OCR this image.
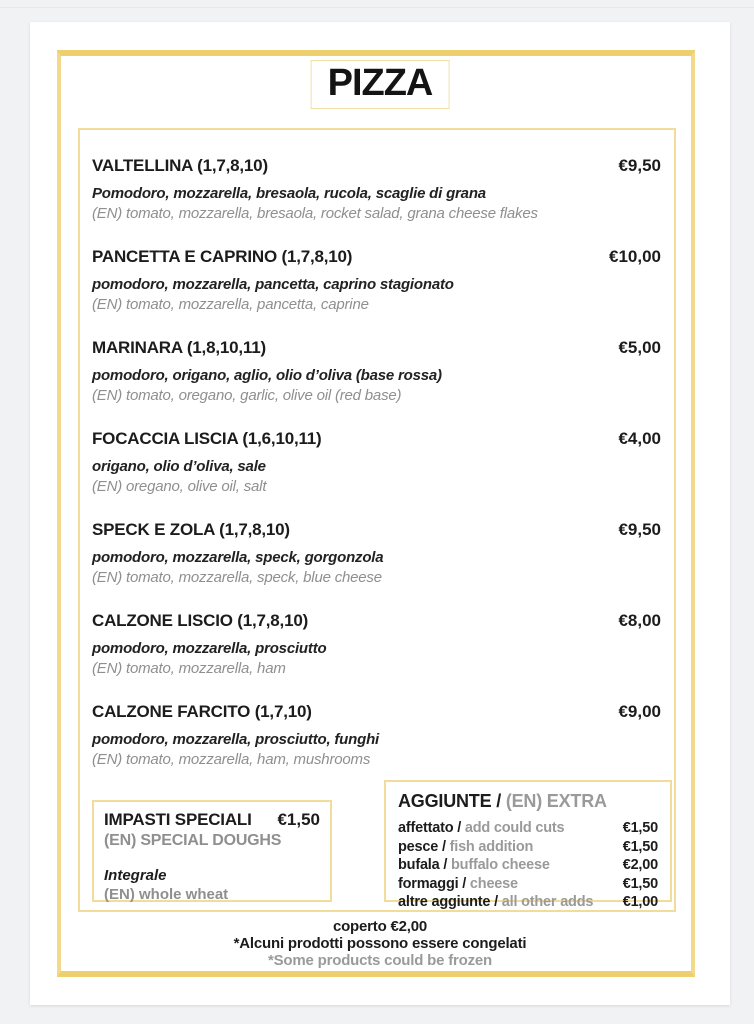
PIZZA
VALTELLINA (1,7,8,10)	€9,50
Pomodoro, mozzarella, bresaola, rucola, scaglie di grana
(EN) tomato, mozzarella, bresaola, rocket salad, grana cheese flakes
PANCETTA E CAPRINO (1,7,8,10)	€10,00
pomodoro, mozzarella, pancetta, caprino stagionato
(EN) tomato, mozzarella, pancetta, caprine
MARINARA (1,8,10,11)	€5,00
pomodoro, origano, aglio, olio d’oliva (base rossa)
(EN) tomato, oregano, garlic, olive oil (red base)
FOCACCIA LISCIA (1,6,10,11)	€4,00
origano, olio d’oliva, sale
(EN) oregano, olive oil, salt
SPECK E ZOLA (1,7,8,10)	€9,50
pomodoro, mozzarella, speck, gorgonzola
(EN) tomato, mozzarella, speck, blue cheese
CALZONE LISCIO (1,7,8,10)	€8,00
pomodoro, mozzarella, prosciutto
(EN) tomato, mozzarella, ham
CALZONE FARCITO (1,7,10)	€9,00
pomodoro, mozzarella, prosciutto, funghi
(EN) tomato, mozzarella, ham, mushrooms
IMPASTI SPECIALI €1,50
(EN) SPECIAL DOUGHS
Integrale
(EN) whole wheat
AGGIUNTE / (EN) EXTRA
affettato / add could cuts	€1,50
pesce / fish addition	€1,50
bufala / buffalo cheese	€2,00
formaggi / cheese	€1,50
altre aggiunte / all other adds €1,00
coperto €2,00
*Alcuni prodotti possono essere congelati
*Some products could be frozen
